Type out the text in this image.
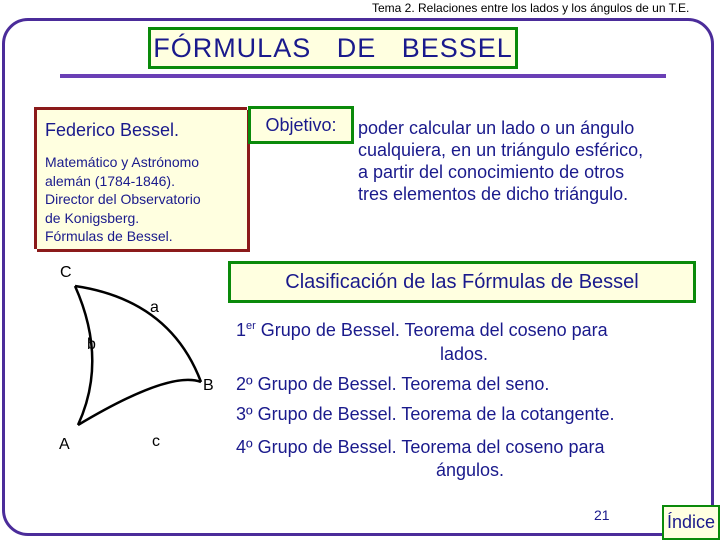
Tema 2. Relaciones entre los lados y los ángulos de un T.E.
FÓRMULAS   DE   BESSEL
Federico Bessel.
Matemático y Astrónomo
alemán (1784-1846).
Director del Observatorio
de Konigsberg.
Fórmulas de Bessel.
Objetivo: poder calcular un lado o un ángulo
cualquiera, en un triángulo esférico,
a partir del conocimiento de otros
tres elementos de dicho triángulo.
C
a
b
B
A	c
Clasificación de las Fórmulas de Bessel
1er Grupo de Bessel. Teorema del coseno para
lados.
2º Grupo de Bessel. Teorema del seno.
3º Grupo de Bessel. Teorema de la cotangente.
4º Grupo de Bessel. Teorema del coseno para
ángulos.
21	Índice
